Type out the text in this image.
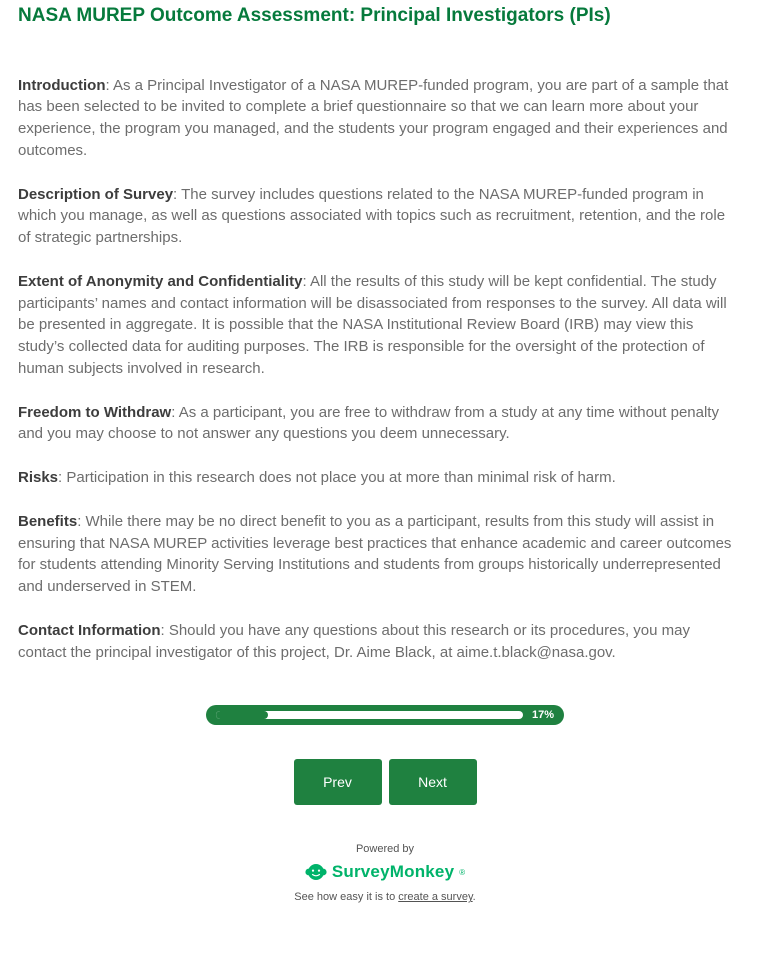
NASA MUREP Outcome Assessment: Principal Investigators (PIs)

Introduction: As a Principal Investigator of a NASA MUREP-funded program, you are part of a sample that has been selected to be invited to complete a brief questionnaire so that we can learn more about your experience, the program you managed, and the students your program engaged and their experiences and outcomes.

Description of Survey: The survey includes questions related to the NASA MUREP-funded program in which you manage, as well as questions associated with topics such as recruitment, retention, and the role of strategic partnerships.

Extent of Anonymity and Confidentiality: All the results of this study will be kept confidential. The study participants’ names and contact information will be disassociated from responses to the survey. All data will be presented in aggregate. It is possible that the NASA Institutional Review Board (IRB) may view this study’s collected data for auditing purposes. The IRB is responsible for the oversight of the protection of human subjects involved in research.

Freedom to Withdraw: As a participant, you are free to withdraw from a study at any time without penalty and you may choose to not answer any questions you deem unnecessary.

Risks: Participation in this research does not place you at more than minimal risk of harm.

Benefits: While there may be no direct benefit to you as a participant, results from this study will assist in ensuring that NASA MUREP activities leverage best practices that enhance academic and career outcomes for students attending Minority Serving Institutions and students from groups historically underrepresented and underserved in STEM.

Contact Information: Should you have any questions about this research or its procedures, you may contact the principal investigator of this project, Dr. Aime Black, at aime.t.black@nasa.gov.

17%
Prev	Next
Powered by
SurveyMonkey ®
See how easy it is to create a survey.
